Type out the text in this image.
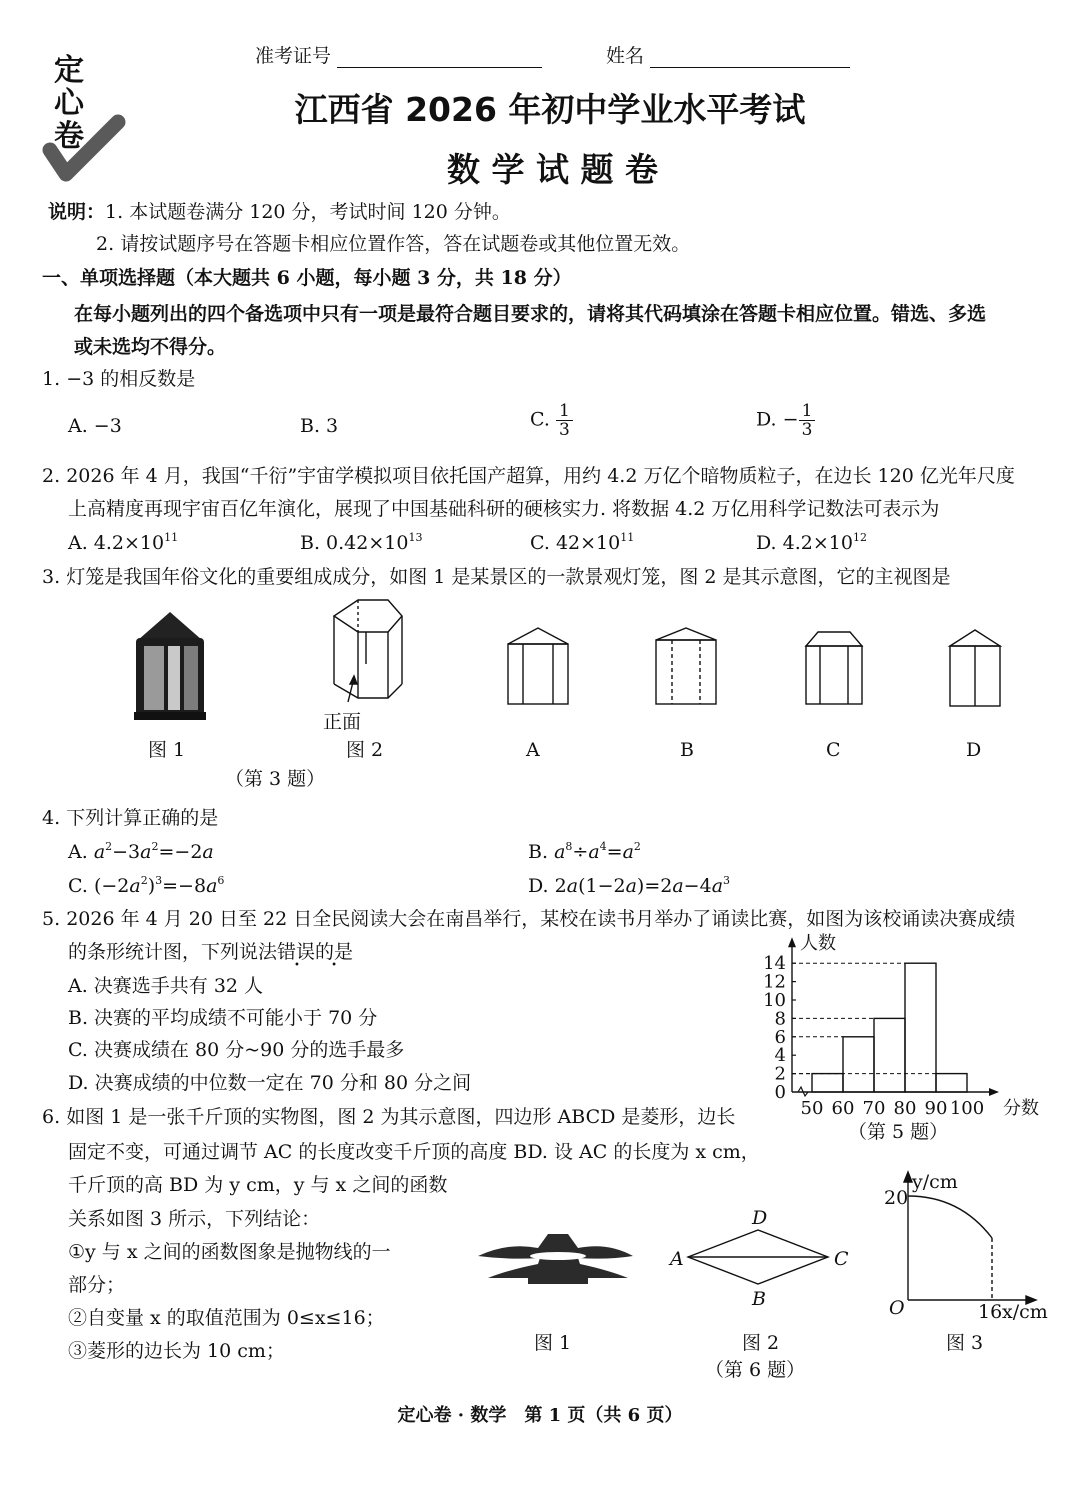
定心卷
准考证号	姓名
江西省 2026 年初中学业水平考试
数 学 试 题 卷
说明：1. 本试题卷满分 120 分，考试时间 120 分钟。
2. 请按试题序号在答题卡相应位置作答，答在试题卷或其他位置无效。
一、单项选择题（本大题共 6 小题，每小题 3 分，共 18 分）
在每小题列出的四个备选项中只有一项是最符合题目要求的，请将其代码填涂在答题卡相应位置。错选、多选
或未选均不得分。
1. −3 的相反数是
A. −3	B. 3	C. $\frac{1}{3}$	D. − $\frac{1}{3}$
2. 2026 年 4 月，我国“千衍”宇宙学模拟项目依托国产超算，用约 4.2 万亿个暗物质粒子，在边长 120 亿光年尺度
上高精度再现宇宙百亿年演化，展现了中国基础科研的硬核实力. 将数据 4.2 万亿用科学记数法可表示为
A. $4.2\times 10^{11}$	B. $0.42\times 10^{13}$	C. $42\times 10^{11}$	D. $4.2\times 10^{12}$
3. 灯笼是我国年俗文化的重要组成成分，如图 1 是某景区的一款景观灯笼，图 2 是其示意图，它的主视图是
正面
图 1	图 2	A	B	C	D
（第 3 题）
4. 下列计算正确的是
A. $a^2-3a^2=-2a$	B. $a^8\div a^4=a^2$
C. $(-2a^2)^3=-8a^6$	D. $2a(1-2a)=2a-4a^3$
5. 2026 年 4 月 20 日至 22 日全民阅读大会在南昌举行，某校在读书月举办了诵读比赛，如图为该校诵读决赛成绩
的条形统计图，下列说法错误的是
• •
A. 决赛选手共有 32 人
B. 决赛的平均成绩不可能小于 70 分
C. 决赛成绩在 80 分~90 分的选手最多
D. 决赛成绩的中位数一定在 70 分和 80 分之间	0
2
4
6
8
10
12
14
50 60 70 80 90 100
人数
分数
（第 5 题）
6. 如图 1 是一张千斤顶的实物图，图 2 为其示意图，四边形 ABCD 是菱形，边长
固定不变，可通过调节 AC 的长度改变千斤顶的高度 BD. 设 AC 的长度为 x cm，
千斤顶的高 BD 为 y cm，y 与 x 之间的函数
关系如图 3 所示，下列结论：
①y 与 x 之间的函数图象是抛物线的一
部分；
②自变量 x 的取值范围为 0≤x≤16；
③菱形的边长为 10 cm；	图 1
A	C
D
B
图 2
（第 6 题）
y/cm
20
O	16 x/cm
图 3
定心卷 · 数学　第 1 页（共 6 页）
